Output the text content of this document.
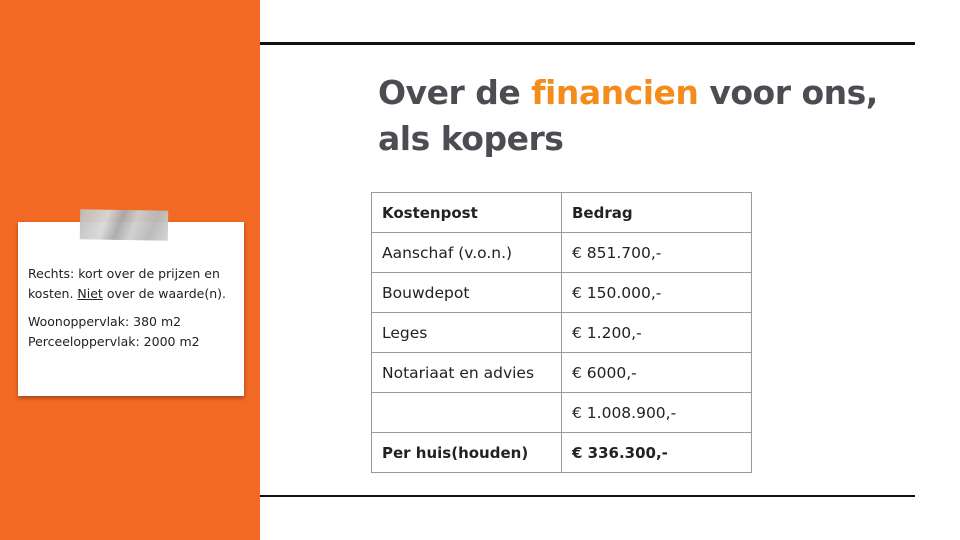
Over de financien voor ons, als kopers

Rechts: kort over de prijzen en kosten. Niet over de waarde(n).

Woonoppervlak: 380 m2
Perceeloppervlak: 2000 m2

Kostenpost	Bedrag
Aanschaf (v.o.n.)	€ 851.700,-
Bouwdepot	€ 150.000,-
Leges	€ 1.200,-
Notariaat en advies	€ 6000,-
	€ 1.008.900,-
Per huis(houden)	€ 336.300,-
